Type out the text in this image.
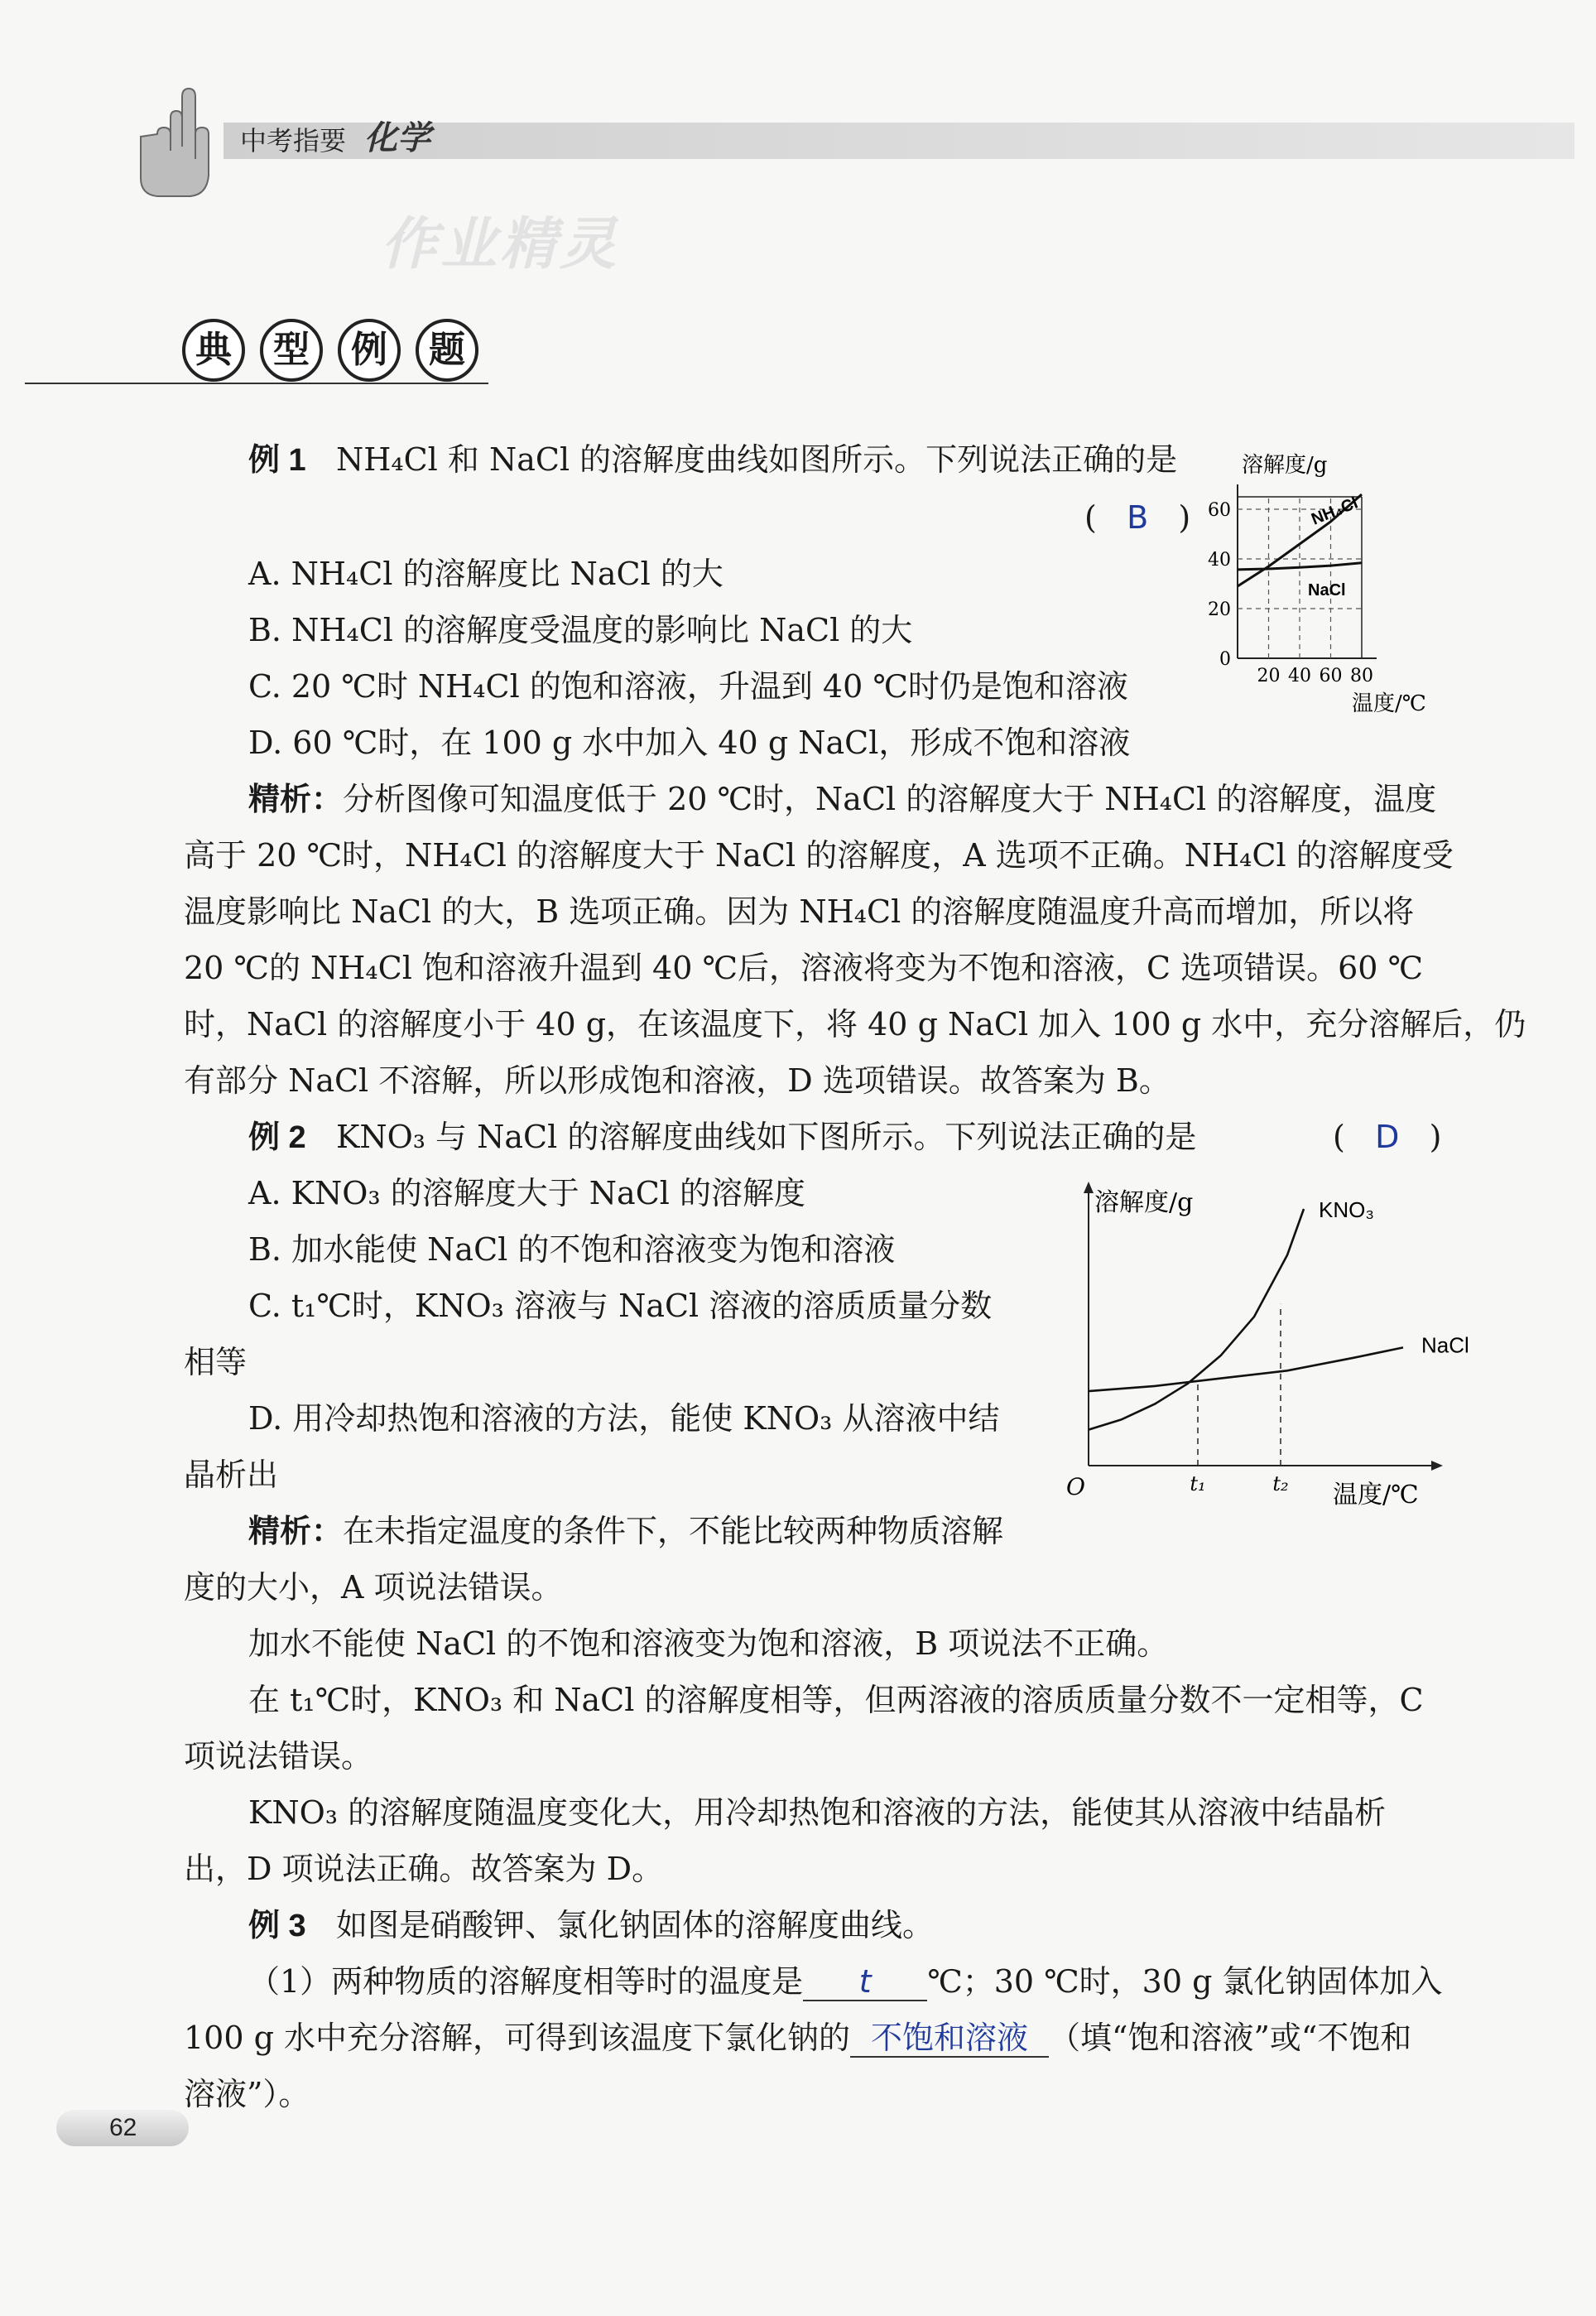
中考指要 化学
作业精灵
典	型	例	题
例 1 NH₄Cl 和 NaCl 的溶解度曲线如图所示。下列说法正确的是
(   B   )
A. NH₄Cl 的溶解度比 NaCl 的大
B. NH₄Cl 的溶解度受温度的影响比 NaCl 的大
C. 20 ℃时 NH₄Cl 的饱和溶液，升温到 40 ℃时仍是饱和溶液
D. 60 ℃时，在 100 g 水中加入 40 g NaCl，形成不饱和溶液
溶解度/g
20 40 60 80
0
20
40
60	NH₄Cl
NaCl
温度/℃
精析：分析图像可知温度低于 20 ℃时，NaCl 的溶解度大于 NH₄Cl 的溶解度，温度
高于 20 ℃时，NH₄Cl 的溶解度大于 NaCl 的溶解度，A 选项不正确。NH₄Cl 的溶解度受
温度影响比 NaCl 的大，B 选项正确。因为 NH₄Cl 的溶解度随温度升高而增加，所以将
20 ℃的 NH₄Cl 饱和溶液升温到 40 ℃后，溶液将变为不饱和溶液，C 选项错误。60 ℃
时，NaCl 的溶解度小于 40 g，在该温度下，将 40 g NaCl 加入 100 g 水中，充分溶解后，仍
有部分 NaCl 不溶解，所以形成饱和溶液，D 选项错误。故答案为 B。
例 2 KNO₃ 与 NaCl 的溶解度曲线如下图所示。下列说法正确的是	(   D   )
A. KNO₃ 的溶解度大于 NaCl 的溶解度
B. 加水能使 NaCl 的不饱和溶液变为饱和溶液
C. t₁℃时，KNO₃ 溶液与 NaCl 溶液的溶质质量分数
相等
D. 用冷却热饱和溶液的方法，能使 KNO₃ 从溶液中结
晶析出
溶解度/g
O	温度/℃
KNO₃
NaCl
t₁	t₂
精析：在未指定温度的条件下，不能比较两种物质溶解
度的大小，A 项说法错误。
加水不能使 NaCl 的不饱和溶液变为饱和溶液，B 项说法不正确。
在 t₁℃时，KNO₃ 和 NaCl 的溶解度相等，但两溶液的溶质质量分数不一定相等，C
项说法错误。
KNO₃ 的溶解度随温度变化大，用冷却热饱和溶液的方法，能使其从溶液中结晶析
出，D 项说法正确。故答案为 D。
例 3 如图是硝酸钾、氯化钠固体的溶解度曲线。
（1）两种物质的溶解度相等时的温度是 t ℃；30 ℃时，30 g 氯化钠固体加入
100 g 水中充分溶解，可得到该温度下氯化钠的 不饱和溶液 （填“饱和溶液”或“不饱和
溶液”）。
62
